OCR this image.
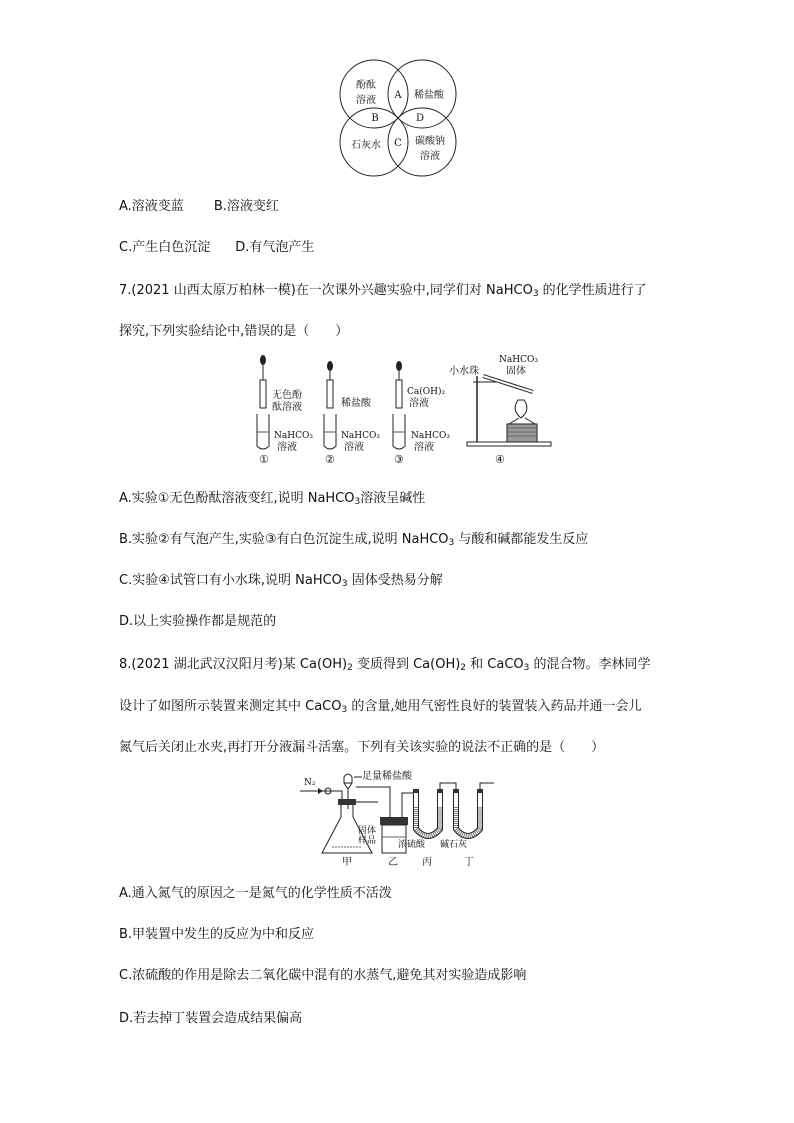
酚酞
溶液	稀盐酸
石灰水	碳酸钠
溶液
A
B
C
D
A.溶液变蓝 B.溶液变红
C.产生白色沉淀 D.有气泡产生
7.(2021 山西太原万柏林一模)在一次课外兴趣实验中,同学们对 NaHCO$_3$ 的化学性质进行了
探究,下列实验结论中,错误的是（　　）
无色酚
酞溶液
NaHCO₃
溶液
①
稀盐酸
NaHCO₃
溶液
②
Ca(OH)₂
溶液
NaHCO₃
溶液
③
NaHCO₃
固体
小水珠
④
A.实验①无色酚酞溶液变红,说明 NaHCO$_3$溶液呈碱性
B.实验②有气泡产生,实验③有白色沉淀生成,说明 NaHCO$_3$ 与酸和碱都能发生反应
C.实验④试管口有小水珠,说明 NaHCO$_3$ 固体受热易分解
D.以上实验操作都是规范的
8.(2021 湖北武汉汉阳月考)某 $Ca(OH)_2$ 变质得到 $Ca(OH)_2$ 和 CaCO$_3$ 的混合物。李林同学
设计了如图所示装置来测定其中 CaCO$_3$ 的含量,她用气密性良好的装置装入药品并通一会儿
氮气后关闭止水夹,再打开分液漏斗活塞。下列有关该实验的说法不正确的是（　　）
N₂
足量稀盐酸
固体
样品
甲	乙
浓硫酸
丙
碱石灰
丁
A.通入氮气的原因之一是氮气的化学性质不活泼
B.甲装置中发生的反应为中和反应
C.浓硫酸的作用是除去二氧化碳中混有的水蒸气,避免其对实验造成影响
D.若去掉丁装置会造成结果偏高
